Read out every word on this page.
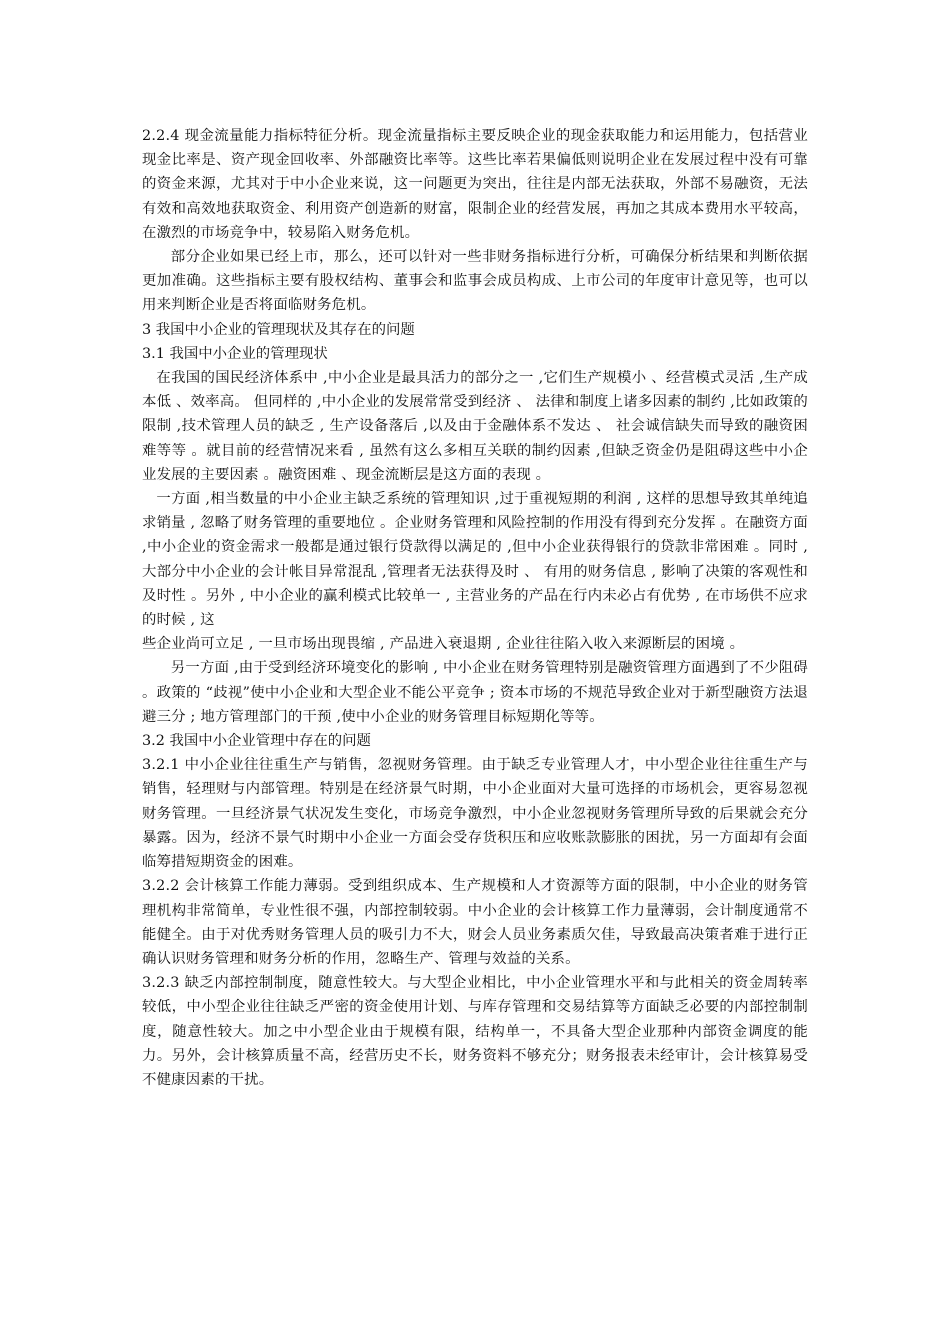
2.2.4 现金流量能力指标特征分析。现金流量指标主要反映企业的现金获取能力和运用能力，包括营业现金比率是、资产现金回收率、外部融资比率等。这些比率若果偏低则说明企业在发展过程中没有可靠的资金来源，尤其对于中小企业来说，这一问题更为突出，往往是内部无法获取，外部不易融资，无法有效和高效地获取资金、利用资产创造新的财富，限制企业的经营发展，再加之其成本费用水平较高，在激烈的市场竞争中，较易陷入财务危机。

部分企业如果已经上市，那么，还可以针对一些非财务指标进行分析，可确保分析结果和判断依据更加准确。这些指标主要有股权结构、董事会和监事会成员构成、上市公司的年度审计意见等，也可以用来判断企业是否将面临财务危机。

3 我国中小企业的管理现状及其存在的问题

3.1 我国中小企业的管理现状

在我国的国民经济体系中 ,中小企业是最具活力的部分之一 ,它们生产规模小 、经营模式灵活 ,生产成本低 、效率高。 但同样的 ,中小企业的发展常常受到经济 、 法律和制度上诸多因素的制约 ,比如政策的限制 ,技术管理人员的缺乏 , 生产设备落后 ,以及由于金融体系不发达 、 社会诚信缺失而导致的融资困难等等 。就目前的经营情况来看 , 虽然有这么多相互关联的制约因素 ,但缺乏资金仍是阻碍这些中小企业发展的主要因素 。融资困难 、现金流断层是这方面的表现 。

一方面 ,相当数量的中小企业主缺乏系统的管理知识 ,过于重视短期的利润 , 这样的思想导致其单纯追求销量 , 忽略了财务管理的重要地位 。企业财务管理和风险控制的作用没有得到充分发挥 。在融资方面 ,中小企业的资金需求一般都是通过银行贷款得以满足的 ,但中小企业获得银行的贷款非常困难 。同时 , 大部分中小企业的会计帐目异常混乱 ,管理者无法获得及时 、 有用的财务信息 , 影响了决策的客观性和及时性 。另外 , 中小企业的赢利模式比较单一 , 主营业务的产品在行内未必占有优势 , 在市场供不应求的时候 , 这

些企业尚可立足 , 一旦市场出现畏缩 , 产品进入衰退期 , 企业往往陷入收入来源断层的困境 。

另一方面 ,由于受到经济环境变化的影响 , 中小企业在财务管理特别是融资管理方面遇到了不少阻碍 。政策的 “歧视”使中小企业和大型企业不能公平竞争 ; 资本市场的不规范导致企业对于新型融资方法退避三分 ; 地方管理部门的干预 ,使中小企业的财务管理目标短期化等等。

3.2 我国中小企业管理中存在的问题

3.2.1 中小企业往往重生产与销售，忽视财务管理。由于缺乏专业管理人才，中小型企业往往重生产与销售，轻理财与内部管理。特别是在经济景气时期，中小企业面对大量可选择的市场机会，更容易忽视财务管理。一旦经济景气状况发生变化，市场竞争激烈，中小企业忽视财务管理所导致的后果就会充分暴露。因为，经济不景气时期中小企业一方面会受存货积压和应收账款膨胀的困扰，另一方面却有会面临筹措短期资金的困难。

3.2.2 会计核算工作能力薄弱。受到组织成本、生产规模和人才资源等方面的限制，中小企业的财务管理机构非常简单，专业性很不强，内部控制较弱。中小企业的会计核算工作力量薄弱，会计制度通常不能健全。由于对优秀财务管理人员的吸引力不大，财会人员业务素质欠佳，导致最高决策者难于进行正确认识财务管理和财务分析的作用，忽略生产、管理与效益的关系。

3.2.3 缺乏内部控制制度，随意性较大。与大型企业相比，中小企业管理水平和与此相关的资金周转率较低，中小型企业往往缺乏严密的资金使用计划、与库存管理和交易结算等方面缺乏必要的内部控制制度，随意性较大。加之中小型企业由于规模有限，结构单一，不具备大型企业那种内部资金调度的能力。另外，会计核算质量不高，经营历史不长，财务资料不够充分；财务报表未经审计，会计核算易受不健康因素的干扰。
